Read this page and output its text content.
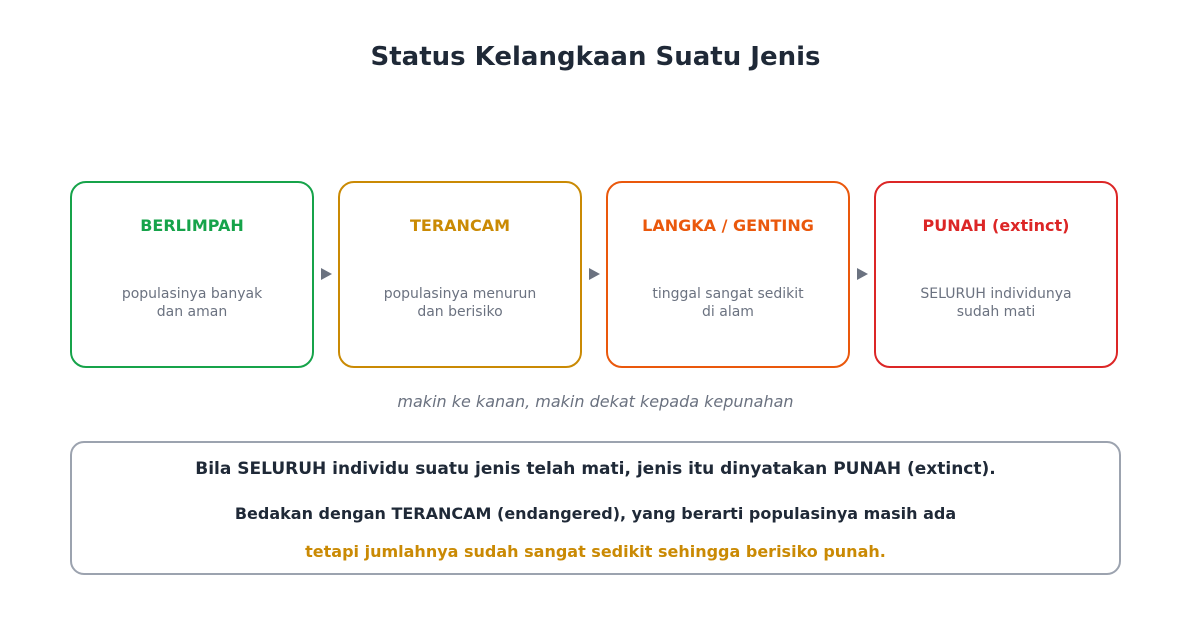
Status Kelangkaan Suatu Jenis
BERLIMPAH
populasinya banyak
dan aman
TERANCAM
populasinya menurun
dan berisiko
LANGKA / GENTING
tinggal sangat sedikit
di alam
PUNAH (extinct)
SELURUH individunya
sudah mati
makin ke kanan, makin dekat kepada kepunahan
Bila SELURUH individu suatu jenis telah mati, jenis itu dinyatakan PUNAH (extinct).
Bedakan dengan TERANCAM (endangered), yang berarti populasinya masih ada
tetapi jumlahnya sudah sangat sedikit sehingga berisiko punah.
